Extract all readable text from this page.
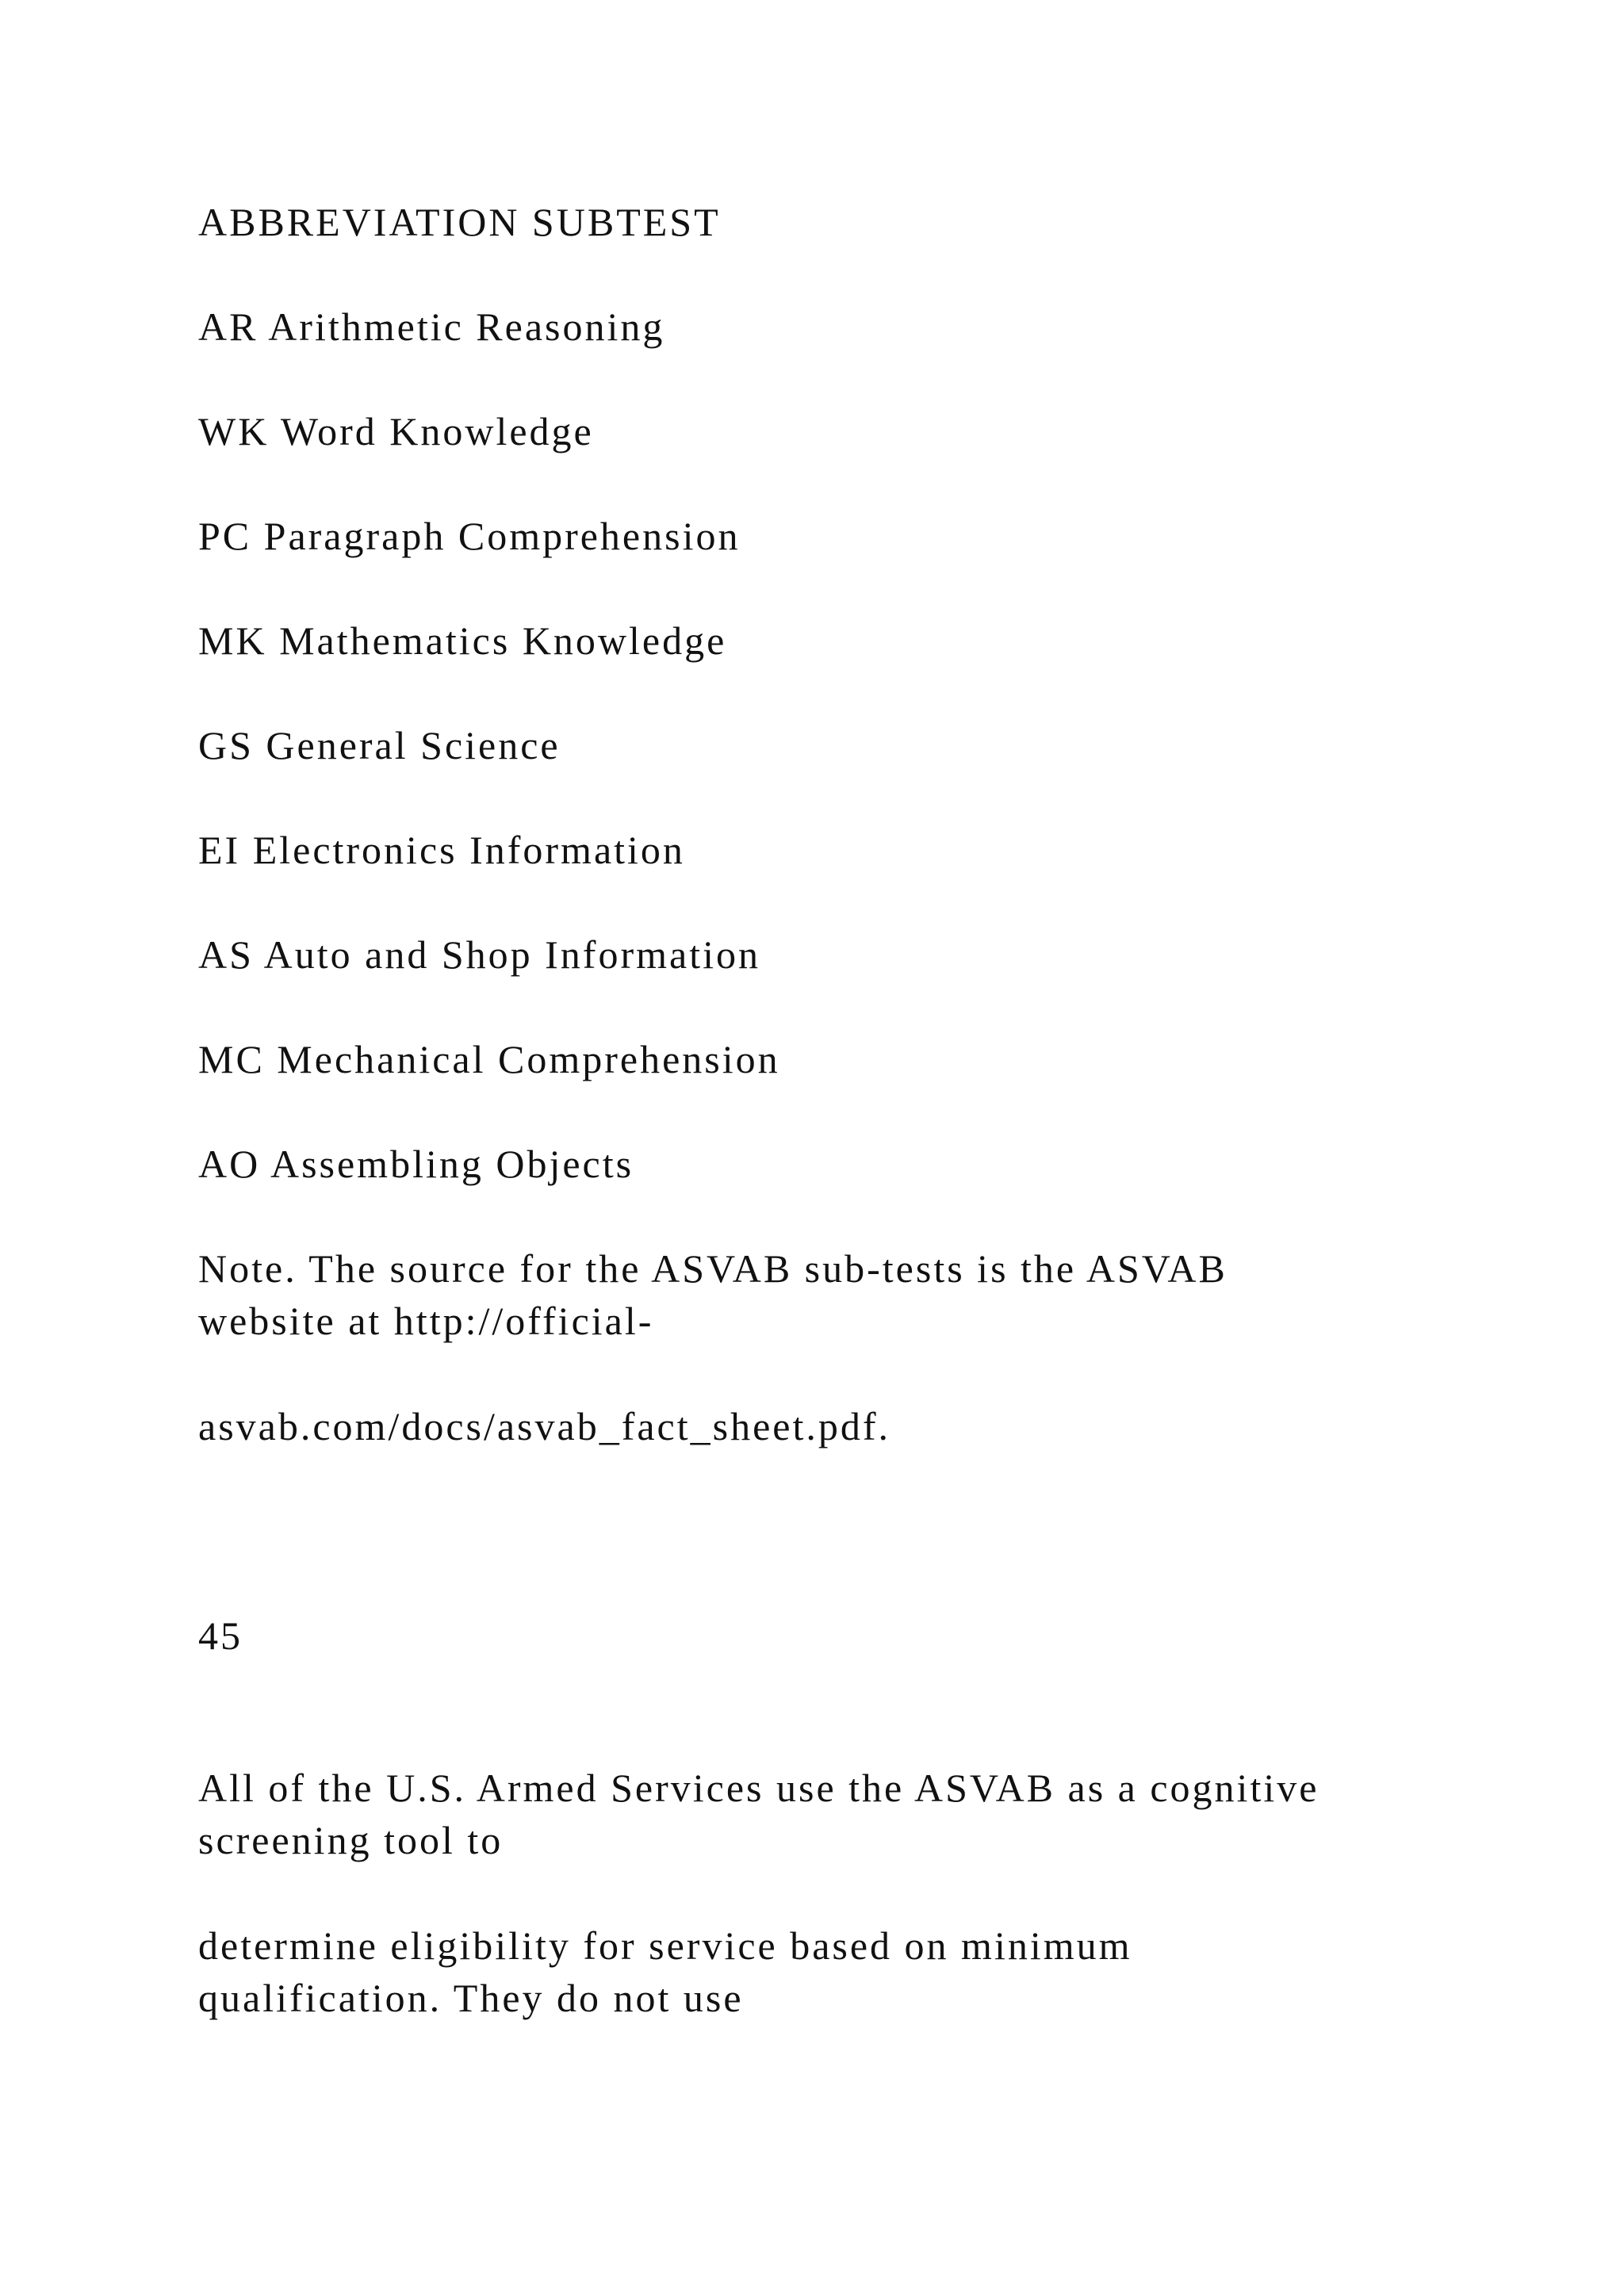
ABBREVIATION SUBTEST
AR Arithmetic Reasoning
WK Word Knowledge
PC Paragraph Comprehension
MK Mathematics Knowledge
GS General Science
EI Electronics Information
AS Auto and Shop Information
MC Mechanical Comprehension
AO Assembling Objects
Note. The source for the ASVAB sub-tests is the ASVAB
website at http://official-
asvab.com/docs/asvab_fact_sheet.pdf.
45
All of the U.S. Armed Services use the ASVAB as a cognitive
screening tool to
determine eligibility for service based on minimum
qualification. They do not use
